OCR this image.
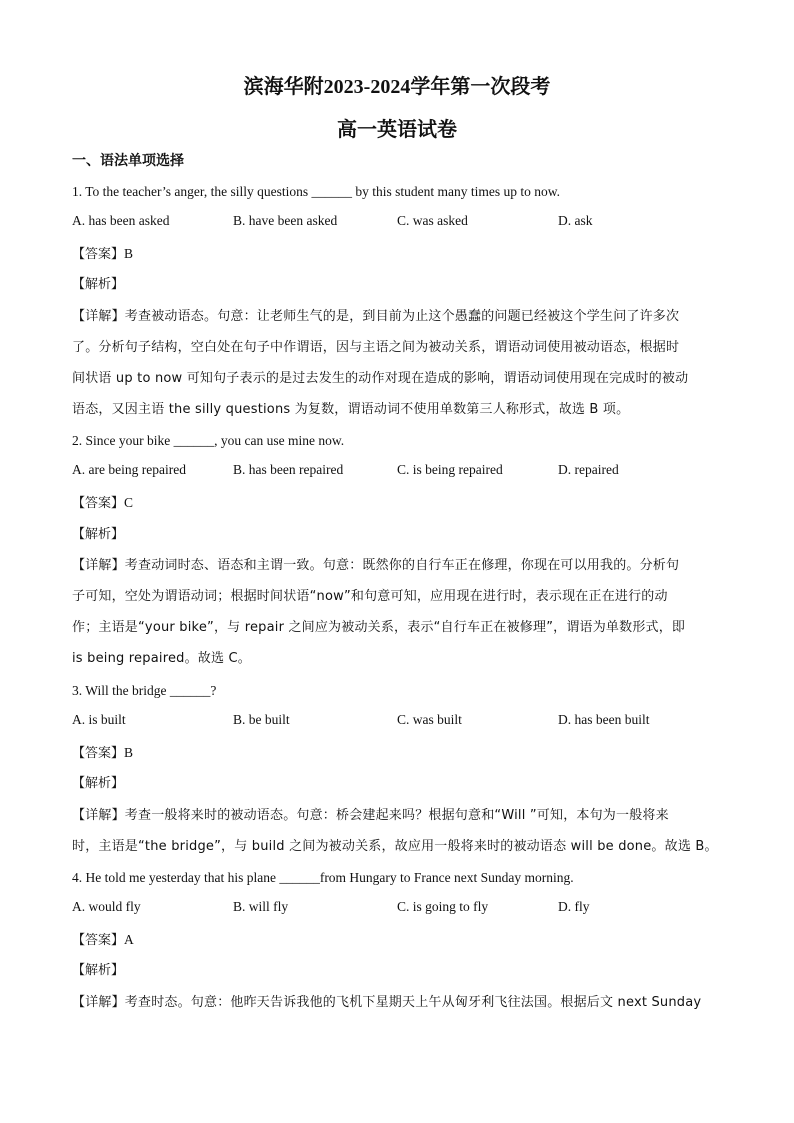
滨海华附2023-2024学年第一次段考
高一英语试卷
一、语法单项选择
1. To the teacher’s anger, the silly questions ______ by this student many times up to now.
A. has been asked	B. have been asked	C. was asked	D. ask
【答案】B
【解析】
【详解】考查被动语态。句意：让老师生气的是，到目前为止这个愚蠢的问题已经被这个学生问了许多次
了。分析句子结构，空白处在句子中作谓语，因与主语之间为被动关系，谓语动词使用被动语态，根据时
间状语 up to now 可知句子表示的是过去发生的动作对现在造成的影响，谓语动词使用现在完成时的被动
语态，又因主语 the silly questions 为复数，谓语动词不使用单数第三人称形式，故选 B 项。
2. Since your bike ______, you can use mine now.
A. are being repaired	B. has been repaired	C. is being repaired	D. repaired
【答案】C
【解析】
【详解】考查动词时态、语态和主谓一致。句意：既然你的自行车正在修理，你现在可以用我的。分析句
子可知，空处为谓语动词；根据时间状语“now”和句意可知，应用现在进行时，表示现在正在进行的动
作；主语是“your bike”，与 repair 之间应为被动关系，表示“自行车正在被修理”，谓语为单数形式，即
is being repaired。故选 C。
3. Will the bridge ______?
A. is built	B. be built	C. was built	D. has been built
【答案】B
【解析】
【详解】考查一般将来时的被动语态。句意：桥会建起来吗？根据句意和“Will ”可知，本句为一般将来
时，主语是“the bridge”，与 build 之间为被动关系，故应用一般将来时的被动语态 will be done。故选 B。
4. He told me yesterday that his plane ______from Hungary to France next Sunday morning.
A. would fly	B. will fly	C. is going to fly	D. fly
【答案】A
【解析】
【详解】考查时态。句意：他昨天告诉我他的飞机下星期天上午从匈牙利飞往法国。根据后文 next Sunday
